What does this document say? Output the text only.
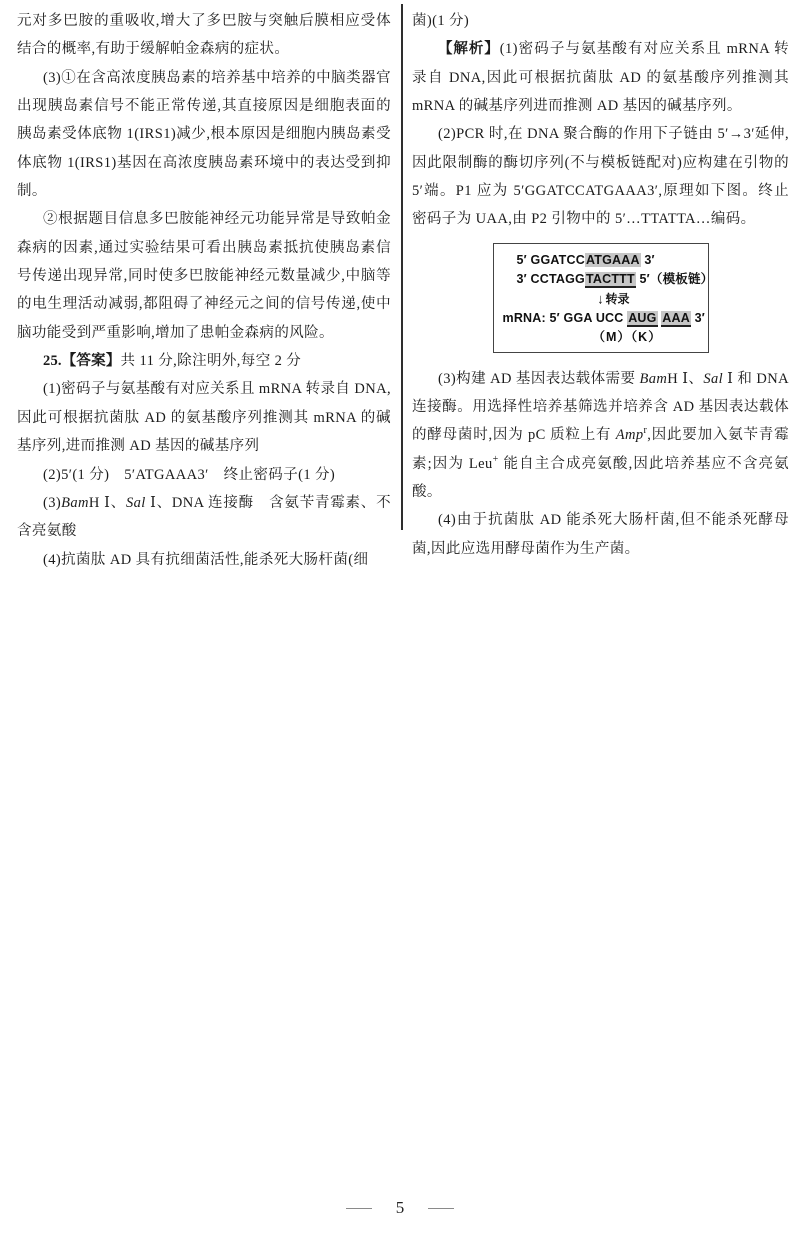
元对多巴胺的重吸收,增大了多巴胺与突触后膜相应受体结合的概率,有助于缓解帕金森病的症状。

(3)①在含高浓度胰岛素的培养基中培养的中脑类器官出现胰岛素信号不能正常传递,其直接原因是细胞表面的胰岛素受体底物 1(IRS1)减少,根本原因是细胞内胰岛素受体底物 1(IRS1)基因在高浓度胰岛素环境中的表达受到抑制。

②根据题目信息多巴胺能神经元功能异常是导致帕金森病的因素,通过实验结果可看出胰岛素抵抗使胰岛素信号传递出现异常,同时使多巴胺能神经元数量减少,中脑等的电生理活动减弱,都阻碍了神经元之间的信号传递,使中脑功能受到严重影响,增加了患帕金森病的风险。

25.【答案】共 11 分,除注明外,每空 2 分

(1)密码子与氨基酸有对应关系且 mRNA 转录自 DNA,因此可根据抗菌肽 AD 的氨基酸序列推测其 mRNA 的碱基序列,进而推测 AD 基因的碱基序列

(2)5′(1 分)　5′ATGAAA3′　终止密码子(1 分)

(3)BamH Ⅰ、Sal Ⅰ、DNA 连接酶　含氨苄青霉素、不含亮氨酸

(4)抗菌肽 AD 具有抗细菌活性,能杀死大肠杆菌(细

菌)(1 分)

【解析】(1)密码子与氨基酸有对应关系且 mRNA 转录自 DNA,因此可根据抗菌肽 AD 的氨基酸序列推测其 mRNA 的碱基序列进而推测 AD 基因的碱基序列。

(2)PCR 时,在 DNA 聚合酶的作用下子链由 5′→3′延伸,因此限制酶的酶切序列(不与模板链配对)应构建在引物的 5′端。P1 应为 5′GGATCCATGAAA3′,原理如下图。终止密码子为 UAA,由 P2 引物中的 5′…TTATTA…编码。

5′ GGATCCATGAAA 3′
3′ CCTAGGTACTTT 5′（模板链）
↓ 转录
mRNA: 5′ GGA UCC AUG AAA 3′
（M）（K）

(3)构建 AD 基因表达载体需要 BamH Ⅰ、Sal Ⅰ 和 DNA 连接酶。用选择性培养基筛选并培养含 AD 基因表达载体的酵母菌时,因为 pC 质粒上有 Amp$^r$,因此要加入氨苄青霉素;因为 Leu+ 能自主合成亮氨酸,因此培养基应不含亮氨酸。

(4)由于抗菌肽 AD 能杀死大肠杆菌,但不能杀死酵母菌,因此应选用酵母菌作为生产菌。

5
